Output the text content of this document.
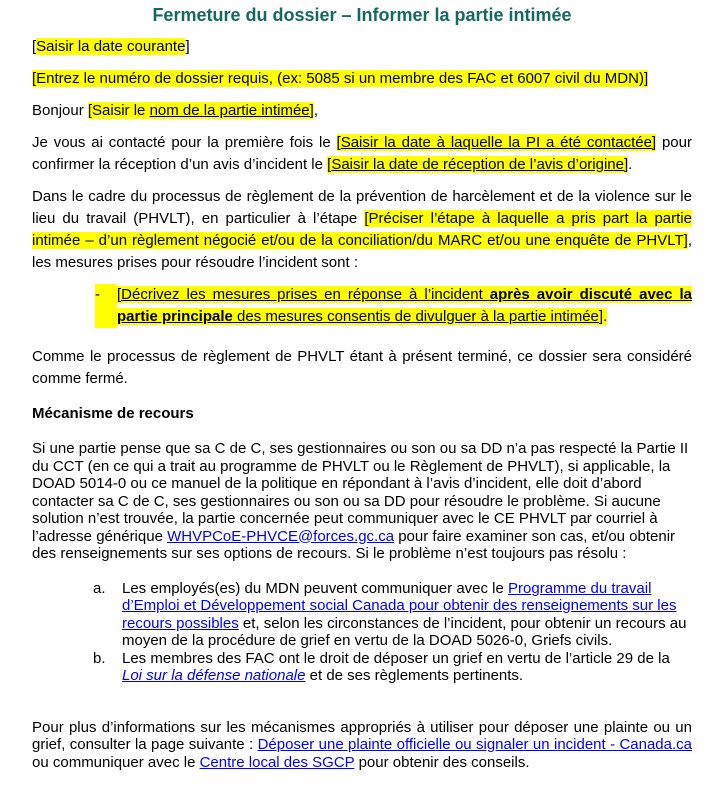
Fermeture du dossier – Informer la partie intimée

[Saisir la date courante]

[Entrez le numéro de dossier requis, (ex: 5085 si un membre des FAC et 6007 civil du MDN)]

Bonjour [Saisir le nom de la partie intimée],

Je vous ai contacté pour la première fois le [Saisir la date à laquelle la PI a été contactée] pour confirmer la réception d’un avis d’incident le [Saisir la date de réception de l’avis d’origine].

Dans le cadre du processus de règlement de la prévention de harcèlement et de la violence sur le lieu du travail (PHVLT), en particulier à l’étape [Préciser l’étape à laquelle a pris part la partie intimée – d’un règlement négocié et/ou de la conciliation/du MARC et/ou une enquête de PHVLT], les mesures prises pour résoudre l’incident sont :

-	[Décrivez les mesures prises en réponse à l’incident après avoir discuté avec la partie principale des mesures consentis de divulguer à la partie intimée].

Comme le processus de règlement de PHVLT étant à présent terminé, ce dossier sera considéré comme fermé.

Mécanisme de recours

Si une partie pense que sa C de C, ses gestionnaires ou son ou sa DD n’a pas respecté la Partie II du CCT (en ce qui a trait au programme de PHVLT ou le Règlement de PHVLT), si applicable, la DOAD 5014-0 ou ce manuel de la politique en répondant à l’avis d’incident, elle doit d’abord contacter sa C de C, ses gestionnaires ou son ou sa DD pour résoudre le problème. Si aucune solution n’est trouvée, la partie concernée peut communiquer avec le CE PHVLT par courriel à l’adresse générique WHVPCoE-PHVCE@forces.gc.ca pour faire examiner son cas, et/ou obtenir des renseignements sur ses options de recours. Si le problème n’est toujours pas résolu :

a.	Les employés(es) du MDN peuvent communiquer avec le Programme du travail d’Emploi et Développement social Canada pour obtenir des renseignements sur les recours possibles et, selon les circonstances de l’incident, pour obtenir un recours au moyen de la procédure de grief en vertu de la DOAD 5026-0, Griefs civils.
b.	Les membres des FAC ont le droit de déposer un grief en vertu de l’article 29 de la Loi sur la défense nationale et de ses règlements pertinents.

Pour plus d’informations sur les mécanismes appropriés à utiliser pour déposer une plainte ou un grief, consulter la page suivante : Déposer une plainte officielle ou signaler un incident - Canada.ca ou communiquer avec le Centre local des SGCP pour obtenir des conseils.
